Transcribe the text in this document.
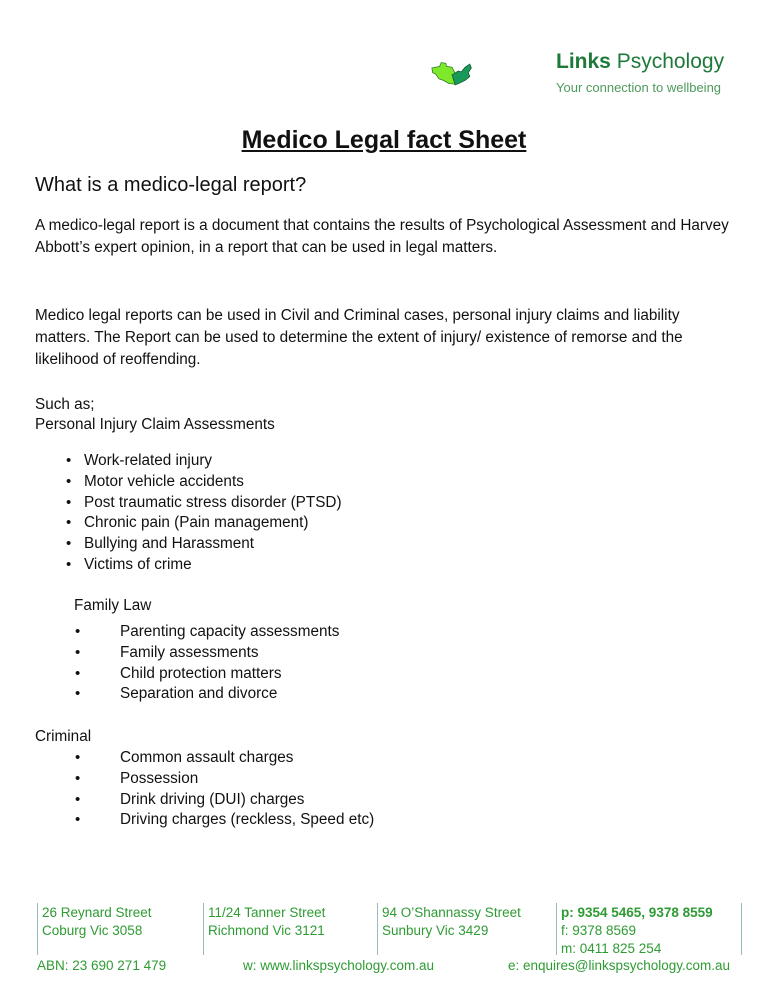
Links Psychology
Your connection to wellbeing
Medico Legal fact Sheet
What is a medico-legal report?
A medico-legal report is a document that contains the results of Psychological Assessment and Harvey Abbott’s expert opinion, in a report that can be used in legal matters.
Medico legal reports can be used in Civil and Criminal cases, personal injury claims and liability matters. The Report can be used to determine the extent of injury/ existence of remorse and the likelihood of reoffending.
Such as;
Personal Injury Claim Assessments
• Work-related injury
• Motor vehicle accidents
• Post traumatic stress disorder (PTSD)
• Chronic pain (Pain management)
• Bullying and Harassment
• Victims of crime
Family Law
• Parenting capacity assessments
• Family assessments
• Child protection matters
• Separation and divorce
Criminal
• Common assault charges
• Possession
• Drink driving (DUI) charges
• Driving charges (reckless, Speed etc)
26 Reynard Street
Coburg Vic 3058
11/24 Tanner Street
Richmond Vic 3121
94 O’Shannassy Street
Sunbury Vic 3429
p: 9354 5465, 9378 8559
f: 9378 8569
m: 0411 825 254
ABN: 23 690 271 479	w: www.linkspsychology.com.au	e: enquires@linkspsychology.com.au
